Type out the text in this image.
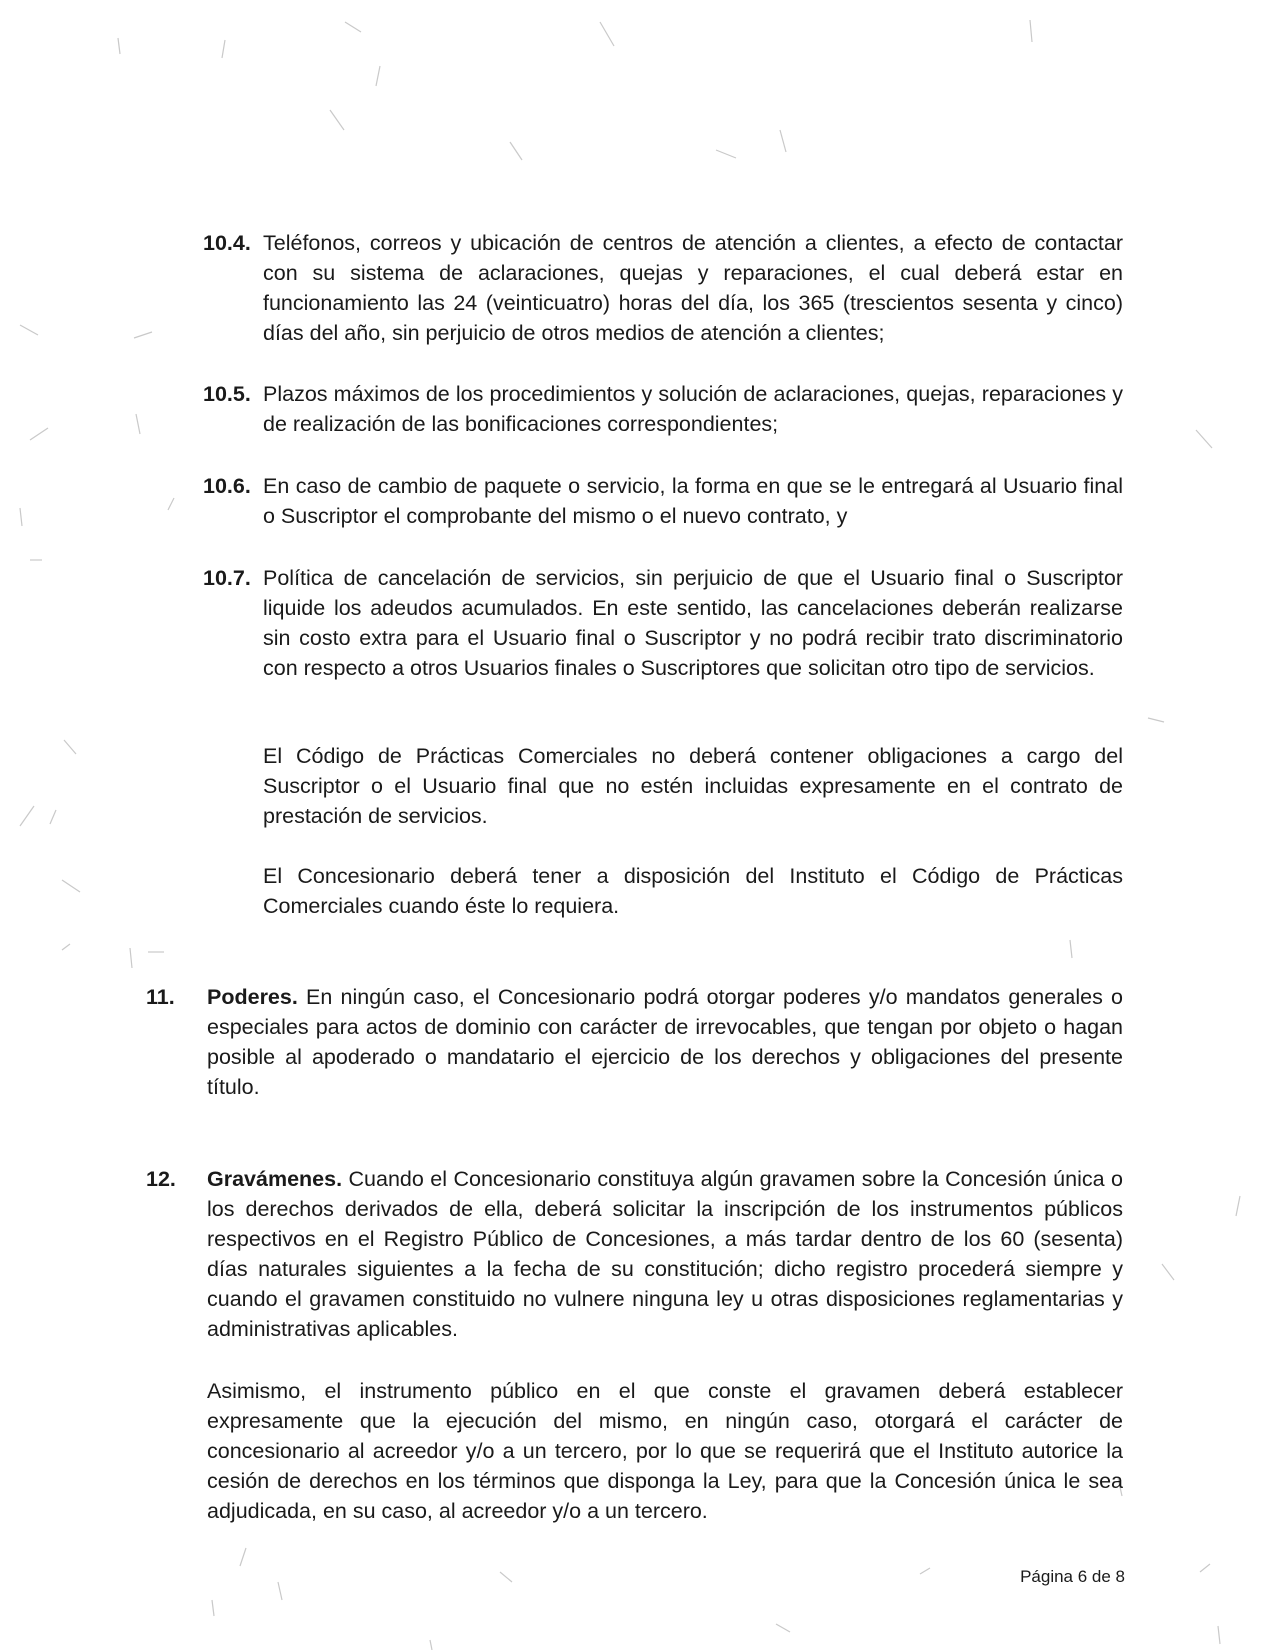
10.4. Teléfonos, correos y ubicación de centros de atención a clientes, a efecto de contactar con su sistema de aclaraciones, quejas y reparaciones, el cual deberá estar en funcionamiento las 24 (veinticuatro) horas del día, los 365 (trescientos sesenta y cinco) días del año, sin perjuicio de otros medios de atención a clientes;
10.5. Plazos máximos de los procedimientos y solución de aclaraciones, quejas, reparaciones y de realización de las bonificaciones correspondientes;
10.6. En caso de cambio de paquete o servicio, la forma en que se le entregará al Usuario final o Suscriptor el comprobante del mismo o el nuevo contrato, y
10.7. Política de cancelación de servicios, sin perjuicio de que el Usuario final o Suscriptor liquide los adeudos acumulados. En este sentido, las cancelaciones deberán realizarse sin costo extra para el Usuario final o Suscriptor y no podrá recibir trato discriminatorio con respecto a otros Usuarios finales o Suscriptores que solicitan otro tipo de servicios.
El Código de Prácticas Comerciales no deberá contener obligaciones a cargo del Suscriptor o el Usuario final que no estén incluidas expresamente en el contrato de prestación de servicios.
El Concesionario deberá tener a disposición del Instituto el Código de Prácticas Comerciales cuando éste lo requiera.
11. Poderes. En ningún caso, el Concesionario podrá otorgar poderes y/o mandatos generales o especiales para actos de dominio con carácter de irrevocables, que tengan por objeto o hagan posible al apoderado o mandatario el ejercicio de los derechos y obligaciones del presente título.
12. Gravámenes. Cuando el Concesionario constituya algún gravamen sobre la Concesión única o los derechos derivados de ella, deberá solicitar la inscripción de los instrumentos públicos respectivos en el Registro Público de Concesiones, a más tardar dentro de los 60 (sesenta) días naturales siguientes a la fecha de su constitución; dicho registro procederá siempre y cuando el gravamen constituido no vulnere ninguna ley u otras disposiciones reglamentarias y administrativas aplicables.
Asimismo, el instrumento público en el que conste el gravamen deberá establecer expresamente que la ejecución del mismo, en ningún caso, otorgará el carácter de concesionario al acreedor y/o a un tercero, por lo que se requerirá que el Instituto autorice la cesión de derechos en los términos que disponga la Ley, para que la Concesión única le sea adjudicada, en su caso, al acreedor y/o a un tercero.
Página 6 de 8
